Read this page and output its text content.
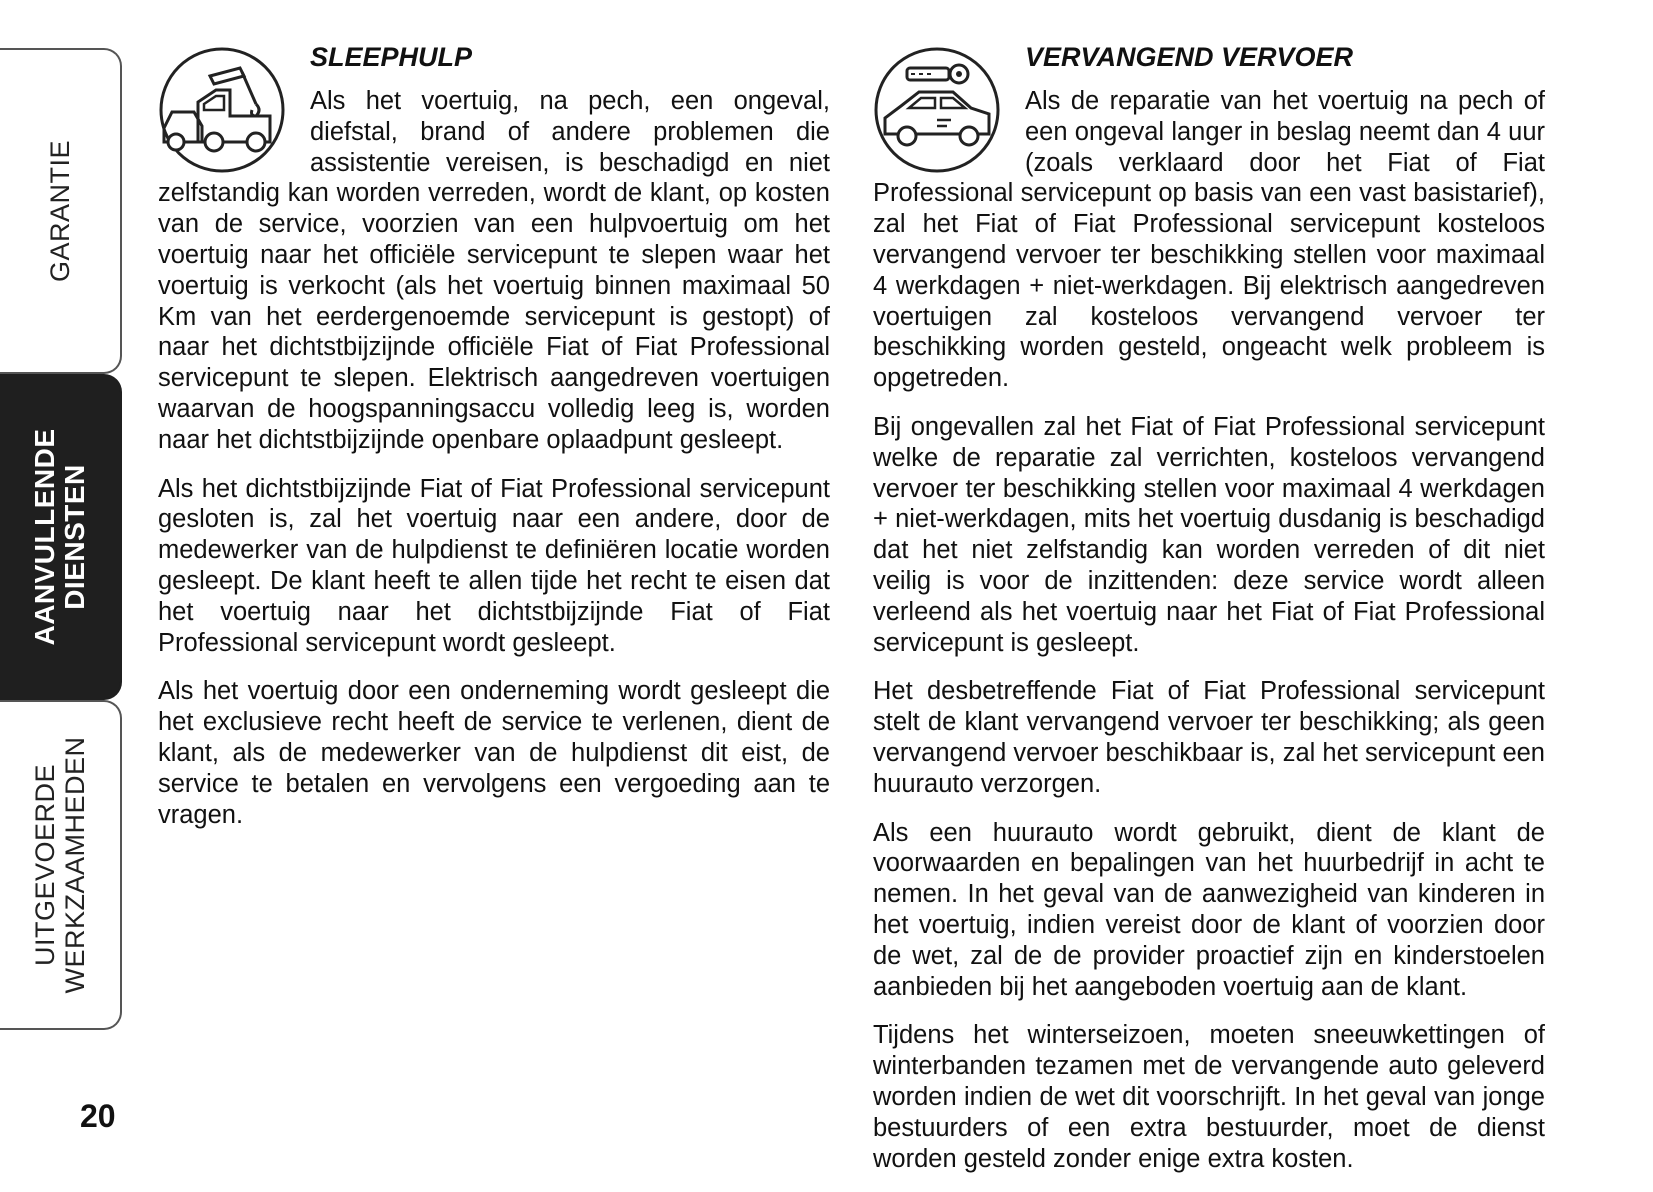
GARANTIE
AANVULLENDE DIENSTEN
UITGEVOERDE WERKZAAMHEDEN
20
SLEEPHULP

Als het voertuig, na pech, een ongeval, diefstal, brand of andere problemen die assistentie vereisen, is beschadigd en niet zelfstandig kan worden verreden, wordt de klant, op kosten van de service, voorzien van een hulpvoertuig om het voertuig naar het officiële servicepunt te slepen waar het voertuig is verkocht (als het voertuig binnen maximaal 50 Km van het eerdergenoemde servicepunt is gestopt) of naar het dichtstbijzijnde officiële Fiat of Fiat Professional servicepunt te slepen. Elektrisch aangedreven voertuigen waarvan de hoogspanningsaccu volledig leeg is, worden naar het dichtstbijzijnde openbare oplaadpunt gesleept.

Als het dichtstbijzijnde Fiat of Fiat Professional servicepunt gesloten is, zal het voertuig naar een andere, door de medewerker van de hulpdienst te definiëren locatie worden gesleept. De klant heeft te allen tijde het recht te eisen dat het voertuig naar het dichtstbijzijnde Fiat of Fiat Professional servicepunt wordt gesleept.

Als het voertuig door een onderneming wordt gesleept die het exclusieve recht heeft de service te verlenen, dient de klant, als de medewerker van de hulpdienst dit eist, de service te betalen en vervolgens een vergoeding aan te vragen.

VERVANGEND VERVOER

Als de reparatie van het voertuig na pech of een ongeval langer in beslag neemt dan 4 uur (zoals verklaard door het Fiat of Fiat Professional servicepunt op basis van een vast basistarief), zal het Fiat of Fiat Professional servicepunt kosteloos vervangend vervoer ter beschikking stellen voor maximaal 4 werkdagen + niet-werkdagen. Bij elektrisch aangedreven voertuigen zal kosteloos vervangend vervoer ter beschikking worden gesteld, ongeacht welk probleem is opgetreden.

Bij ongevallen zal het Fiat of Fiat Professional servicepunt welke de reparatie zal verrichten, kosteloos vervangend vervoer ter beschikking stellen voor maximaal 4 werkdagen + niet-werkdagen, mits het voertuig dusdanig is beschadigd dat het niet zelfstandig kan worden verreden of dit niet veilig is voor de inzittenden: deze service wordt alleen verleend als het voertuig naar het Fiat of Fiat Professional servicepunt is gesleept.

Het desbetreffende Fiat of Fiat Professional servicepunt stelt de klant vervangend vervoer ter beschikking; als geen vervangend vervoer beschikbaar is, zal het servicepunt een huurauto verzorgen.

Als een huurauto wordt gebruikt, dient de klant de voorwaarden en bepalingen van het huurbedrijf in acht te nemen. In het geval van de aanwezigheid van kinderen in het voertuig, indien vereist door de klant of voorzien door de wet, zal de de provider proactief zijn en kinderstoelen aanbieden bij het aangeboden voertuig aan de klant.

Tijdens het winterseizoen, moeten sneeuwkettingen of winterbanden tezamen met de vervangende auto geleverd worden indien de wet dit voorschrijft. In het geval van jonge bestuurders of een extra bestuurder, moet de dienst worden gesteld zonder enige extra kosten.
